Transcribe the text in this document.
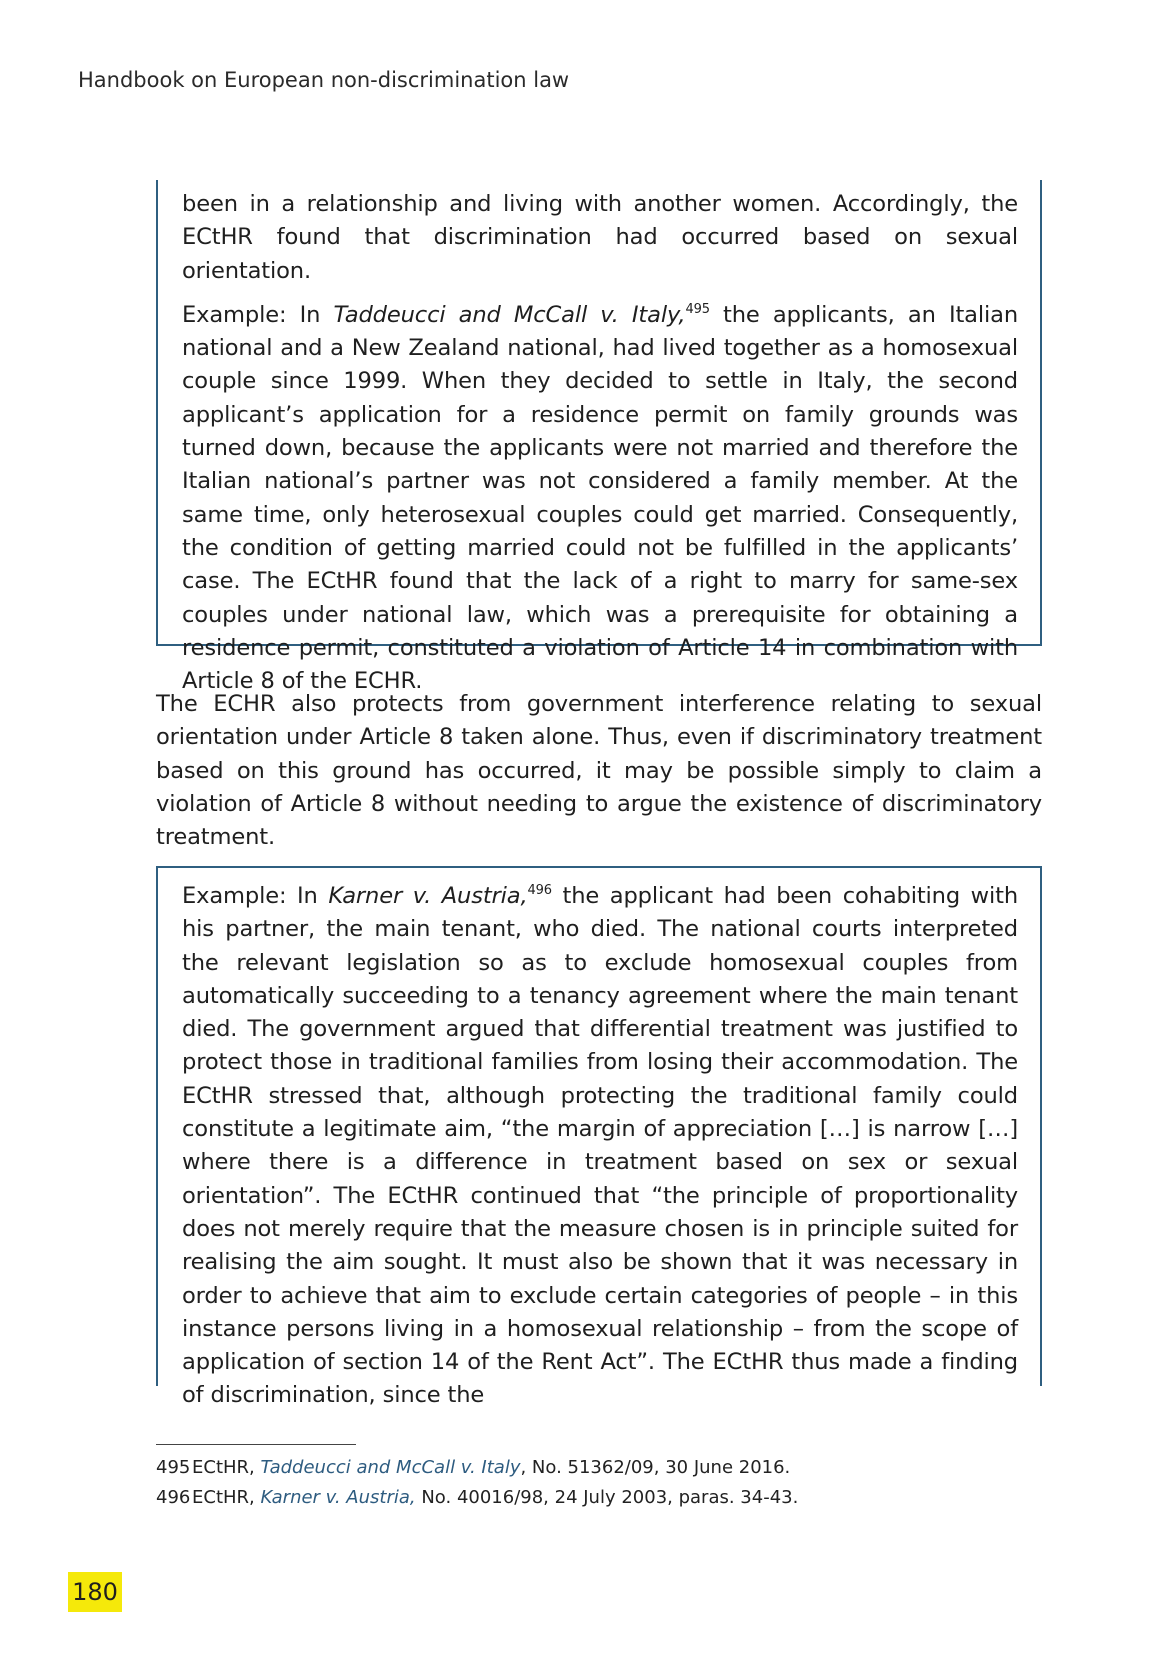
Handbook on European non-discrimination law

been in a relationship and living with another women. Accordingly, the ECtHR found that discrimination had occurred based on sexual orientation.

Example: In Taddeucci and McCall v. Italy,$^{495}$ the applicants, an Italian national and a New Zealand national, had lived together as a homosexual couple since 1999. When they decided to settle in Italy, the second applicant’s application for a residence permit on family grounds was turned down, because the applicants were not married and therefore the Italian national’s partner was not considered a family member. At the same time, only heterosexual couples could get married. Consequently, the condition of getting married could not be fulfilled in the applicants’ case. The ECtHR found that the lack of a right to marry for same-sex couples under national law, which was a prerequisite for obtaining a residence permit, constituted a violation of Article 14 in combination with Article 8 of the ECHR.

The ECHR also protects from government interference relating to sexual orientation under Article 8 taken alone. Thus, even if discriminatory treatment based on this ground has occurred, it may be possible simply to claim a violation of Article 8 without needing to argue the existence of discriminatory treatment.

Example: In Karner v. Austria,$^{496}$ the applicant had been cohabiting with his partner, the main tenant, who died. The national courts interpreted the relevant legislation so as to exclude homosexual couples from automatically succeeding to a tenancy agreement where the main tenant died. The government argued that differential treatment was justified to protect those in traditional families from losing their accommodation. The ECtHR stressed that, although protecting the traditional family could constitute a legitimate aim, “the margin of appreciation […] is narrow […] where there is a difference in treatment based on sex or sexual orientation”. The ECtHR continued that “the principle of proportionality does not merely require that the measure chosen is in principle suited for realising the aim sought. It must also be shown that it was necessary in order to achieve that aim to exclude certain categories of people – in this instance persons living in a homosexual relationship – from the scope of application of section 14 of the Rent Act”. The ECtHR thus made a finding of discrimination, since the

495ECtHR, Taddeucci and McCall v. Italy, No. 51362/09, 30 June 2016.

496ECtHR, Karner v. Austria, No. 40016/98, 24 July 2003, paras. 34-43.

180
